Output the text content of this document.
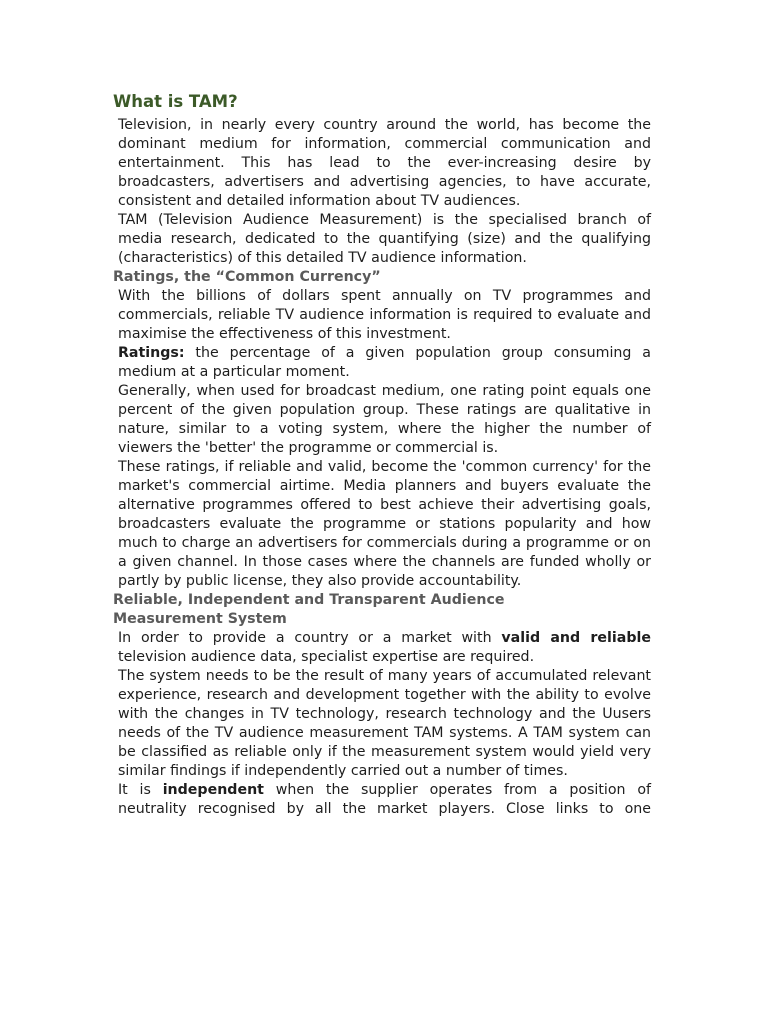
What is TAM?

Television, in nearly every country around the world, has become the dominant medium for information, commercial communication and entertainment. This has lead to the ever-increasing desire by broadcasters, advertisers and advertising agencies, to have accurate, consistent and detailed information about TV audiences.

TAM (Television Audience Measurement) is the specialised branch of media research, dedicated to the quantifying (size) and the qualifying (characteristics) of this detailed TV audience information.

Ratings, the “Common Currency”

With the billions of dollars spent annually on TV programmes and commercials, reliable TV audience information is required to evaluate and maximise the effectiveness of this investment.

Ratings: the percentage of a given population group consuming a medium at a particular moment.

Generally, when used for broadcast medium, one rating point equals one percent of the given population group. These ratings are qualitative in nature, similar to a voting system, where the higher the number of viewers the 'better' the programme or commercial is.

These ratings, if reliable and valid, become the 'common currency' for the market's commercial airtime. Media planners and buyers evaluate the alternative programmes offered to best achieve their advertising goals, broadcasters evaluate the programme or stations popularity and how much to charge an advertisers for commercials during a programme or on a given channel. In those cases where the channels are funded wholly or partly by public license, they also provide accountability.

Reliable, Independent and Transparent Audience Measurement System

In order to provide a country or a market with valid and reliable television audience data, specialist expertise are required.

The system needs to be the result of many years of accumulated relevant experience, research and development together with the ability to evolve with the changes in TV technology, research technology and the Uusers needs of the TV audience measurement TAM systems. A TAM system can be classified as reliable only if the measurement system would yield very similar findings if independently carried out a number of times.

It is independent when the supplier operates from a position of neutrality recognised by all the market players. Close links to one
